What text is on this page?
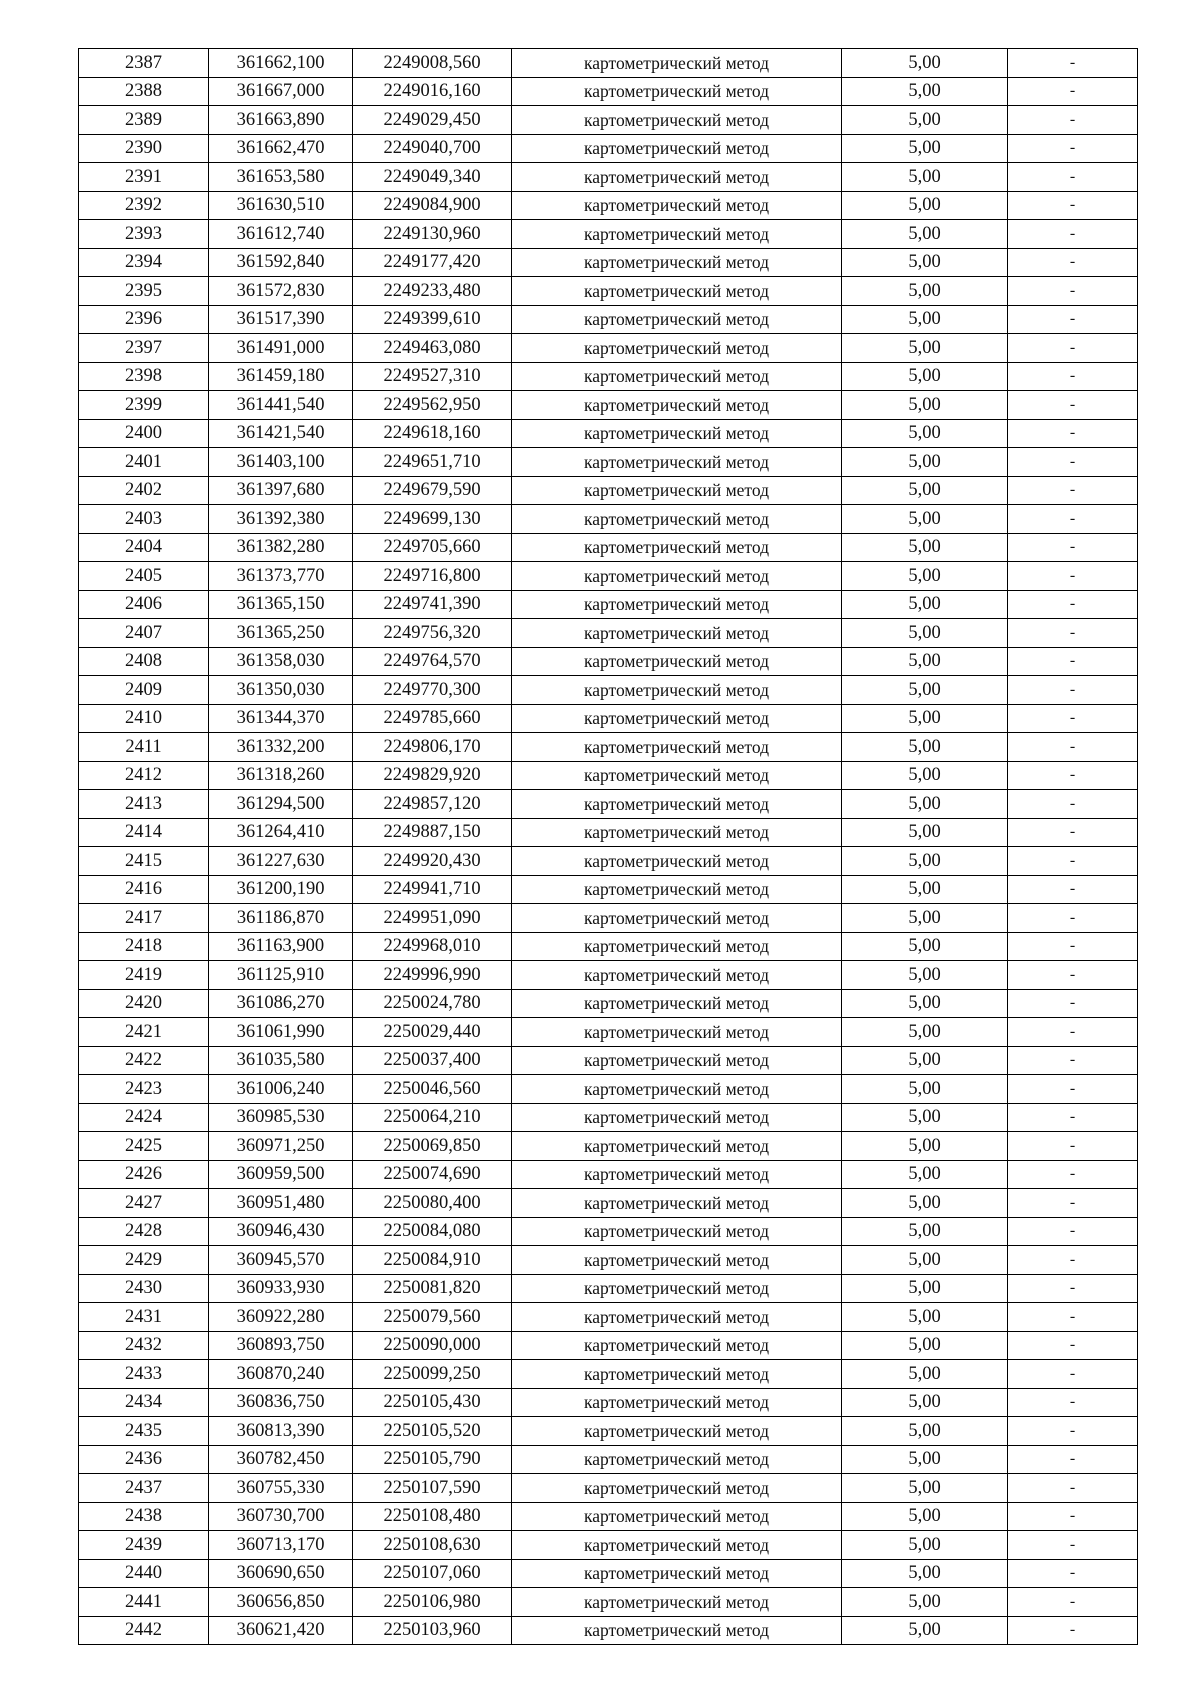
2387	361662,100	2249008,560	картометрический метод	5,00	-
2388	361667,000	2249016,160	картометрический метод	5,00	-
2389	361663,890	2249029,450	картометрический метод	5,00	-
2390	361662,470	2249040,700	картометрический метод	5,00	-
2391	361653,580	2249049,340	картометрический метод	5,00	-
2392	361630,510	2249084,900	картометрический метод	5,00	-
2393	361612,740	2249130,960	картометрический метод	5,00	-
2394	361592,840	2249177,420	картометрический метод	5,00	-
2395	361572,830	2249233,480	картометрический метод	5,00	-
2396	361517,390	2249399,610	картометрический метод	5,00	-
2397	361491,000	2249463,080	картометрический метод	5,00	-
2398	361459,180	2249527,310	картометрический метод	5,00	-
2399	361441,540	2249562,950	картометрический метод	5,00	-
2400	361421,540	2249618,160	картометрический метод	5,00	-
2401	361403,100	2249651,710	картометрический метод	5,00	-
2402	361397,680	2249679,590	картометрический метод	5,00	-
2403	361392,380	2249699,130	картометрический метод	5,00	-
2404	361382,280	2249705,660	картометрический метод	5,00	-
2405	361373,770	2249716,800	картометрический метод	5,00	-
2406	361365,150	2249741,390	картометрический метод	5,00	-
2407	361365,250	2249756,320	картометрический метод	5,00	-
2408	361358,030	2249764,570	картометрический метод	5,00	-
2409	361350,030	2249770,300	картометрический метод	5,00	-
2410	361344,370	2249785,660	картометрический метод	5,00	-
2411	361332,200	2249806,170	картометрический метод	5,00	-
2412	361318,260	2249829,920	картометрический метод	5,00	-
2413	361294,500	2249857,120	картометрический метод	5,00	-
2414	361264,410	2249887,150	картометрический метод	5,00	-
2415	361227,630	2249920,430	картометрический метод	5,00	-
2416	361200,190	2249941,710	картометрический метод	5,00	-
2417	361186,870	2249951,090	картометрический метод	5,00	-
2418	361163,900	2249968,010	картометрический метод	5,00	-
2419	361125,910	2249996,990	картометрический метод	5,00	-
2420	361086,270	2250024,780	картометрический метод	5,00	-
2421	361061,990	2250029,440	картометрический метод	5,00	-
2422	361035,580	2250037,400	картометрический метод	5,00	-
2423	361006,240	2250046,560	картометрический метод	5,00	-
2424	360985,530	2250064,210	картометрический метод	5,00	-
2425	360971,250	2250069,850	картометрический метод	5,00	-
2426	360959,500	2250074,690	картометрический метод	5,00	-
2427	360951,480	2250080,400	картометрический метод	5,00	-
2428	360946,430	2250084,080	картометрический метод	5,00	-
2429	360945,570	2250084,910	картометрический метод	5,00	-
2430	360933,930	2250081,820	картометрический метод	5,00	-
2431	360922,280	2250079,560	картометрический метод	5,00	-
2432	360893,750	2250090,000	картометрический метод	5,00	-
2433	360870,240	2250099,250	картометрический метод	5,00	-
2434	360836,750	2250105,430	картометрический метод	5,00	-
2435	360813,390	2250105,520	картометрический метод	5,00	-
2436	360782,450	2250105,790	картометрический метод	5,00	-
2437	360755,330	2250107,590	картометрический метод	5,00	-
2438	360730,700	2250108,480	картометрический метод	5,00	-
2439	360713,170	2250108,630	картометрический метод	5,00	-
2440	360690,650	2250107,060	картометрический метод	5,00	-
2441	360656,850	2250106,980	картометрический метод	5,00	-
2442	360621,420	2250103,960	картометрический метод	5,00	-
